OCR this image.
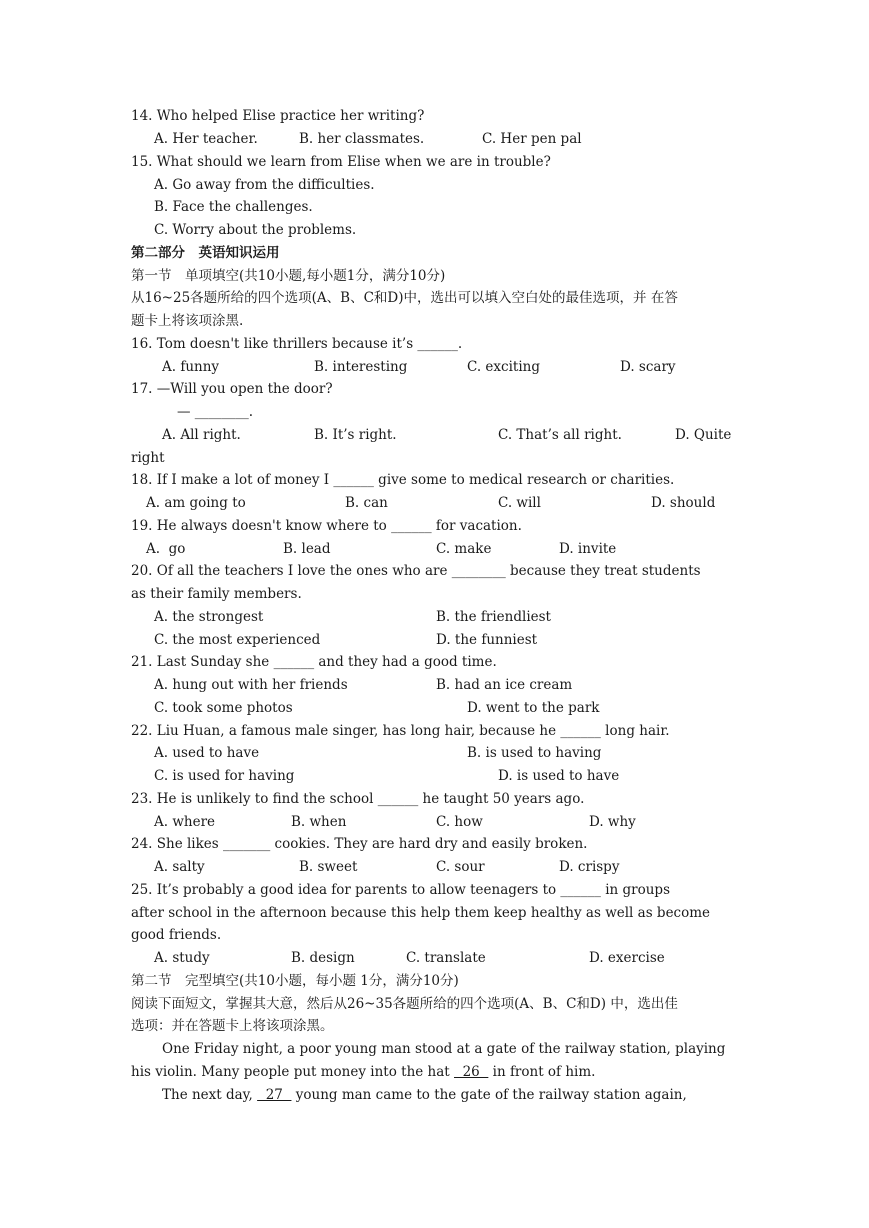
14. Who helped Elise practice her writing?
A. Her teacher.	B. her classmates.	C. Her pen pal
15. What should we learn from Elise when we are in trouble?
A. Go away from the difficulties.
B. Face the challenges.
C. Worry about the problems.
第二部分　英语知识运用
第一节　单项填空(共10小题,每小题1分，满分10分)
从16~25各题所给的四个选项(A、B、C和D)中，选出可以填入空白处的最佳选项，并 在答
题卡上将该项涂黑.
16. Tom doesn't like thrillers because it’s ______.
A. funny	B. interesting	C. exciting	D. scary
17. —Will you open the door?
— ________.
A. All right.	B. It’s right.	C. That’s all right.	D. Quite
right
18. If I make a lot of money I ______ give some to medical research or charities.
A. am going to	B. can	C. will	D. should
19. He always doesn't know where to ______ for vacation.
A.  go	B. lead	C. make	D. invite
20. Of all the teachers I love the ones who are ________ because they treat students
as their family members.
A. the strongest	B. the friendliest
C. the most experienced	D. the funniest
21. Last Sunday she ______ and they had a good time.
A. hung out with her friends	B. had an ice cream
C. took some photos	D. went to the park
22. Liu Huan, a famous male singer, has long hair, because he ______ long hair.
A. used to have	B. is used to having
C. is used for having	D. is used to have
23. He is unlikely to find the school ______ he taught 50 years ago.
A. where	B. when	C. how	D. why
24. She likes _______ cookies. They are hard dry and easily broken.
A. salty	B. sweet	C. sour	D. crispy
25. It’s probably a good idea for parents to allow teenagers to ______ in groups
after school in the afternoon because this help them keep healthy as well as become
good friends.
A. study	B. design	C. translate	D. exercise
第二节　完型填空(共10小题，每小题 1分，满分10分)
阅读下面短文，掌握其大意，然后从26~35各题所给的四个选项(A、B、C和D) 中，选出佳
选项：并在答题卡上将该项涂黑。
One Friday night, a poor young man stood at a gate of the railway station, playing
his violin. Many people put money into the hat   26   in front of him.
The next day,   27   young man came to the gate of the railway station again,
